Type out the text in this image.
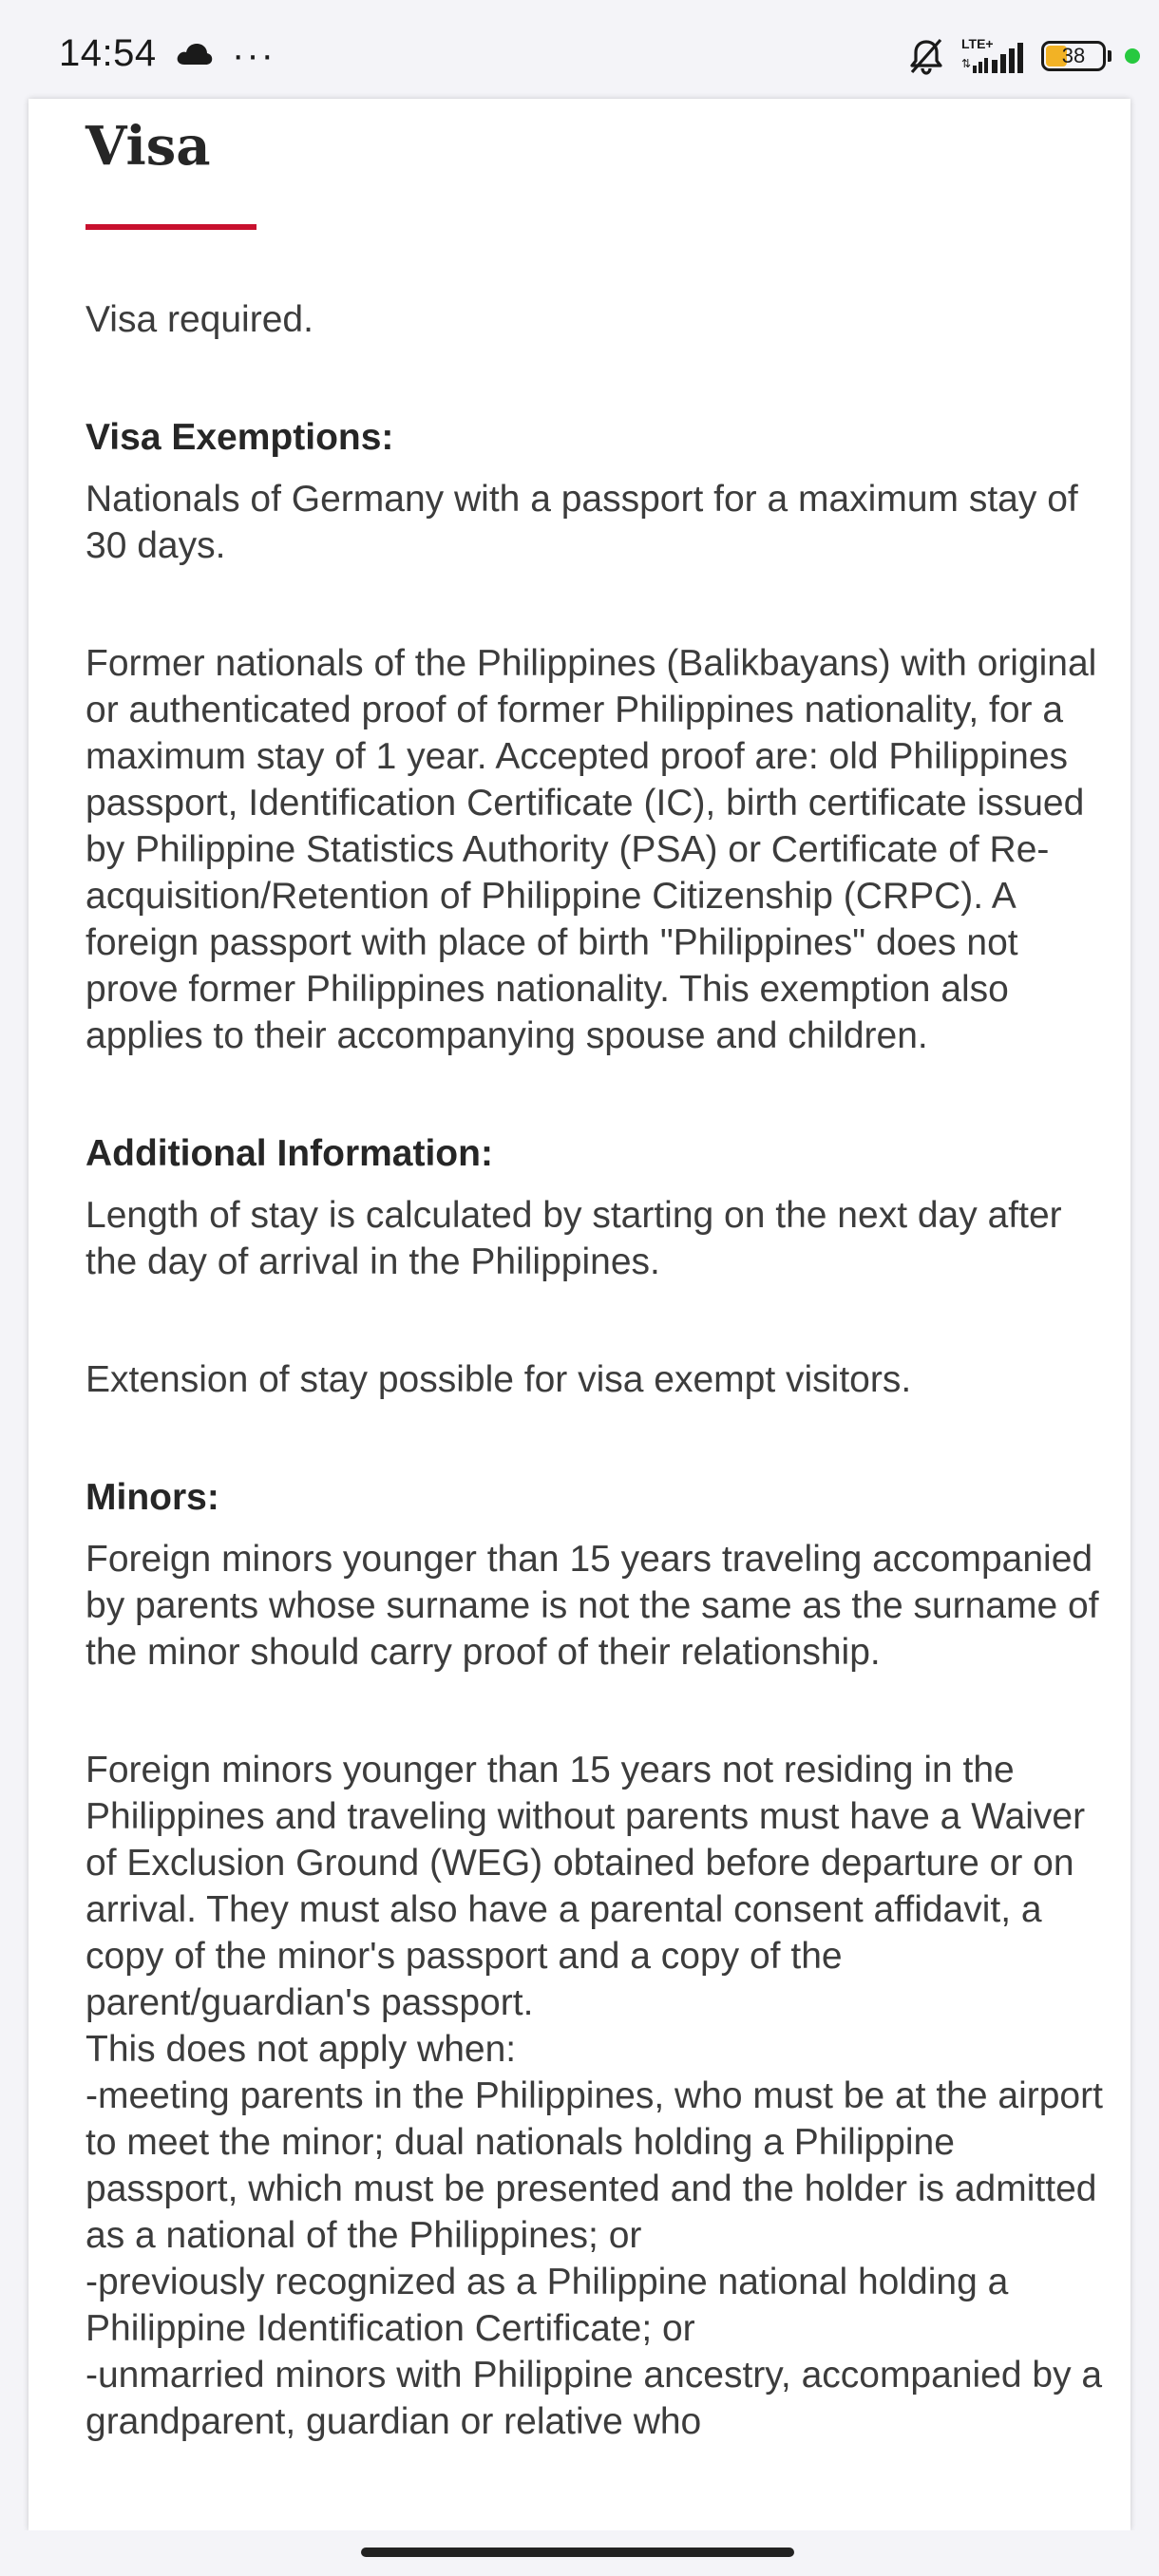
14:54 ···	LTE+
⇅	38
Visa
Visa required.
Visa Exemptions:

Nationals of Germany with a passport for a maximum stay of 30 days.

Former nationals of the Philippines (Balikbayans) with original or authenticated proof of former Philippines nationality, for a maximum stay of 1 year. Accepted proof are: old Philippines passport, Identification Certificate (IC), birth certificate issued by Philippine Statistics Authority (PSA) or Certificate of Re-acquisition/Retention of Philippine Citizenship (CRPC). A foreign passport with place of birth "Philippines" does not prove former Philippines nationality. This exemption also applies to their accompanying spouse and children.

Additional Information:

Length of stay is calculated by starting on the next day after the day of arrival in the Philippines.

Extension of stay possible for visa exempt visitors.

Minors:

Foreign minors younger than 15 years traveling accompanied by parents whose surname is not the same as the surname of the minor should carry proof of their relationship.

Foreign minors younger than 15 years not residing in the Philippines and traveling without parents must have a Waiver of Exclusion Ground (WEG) obtained before departure or on arrival. They must also have a parental consent affidavit, a copy of the minor's passport and a copy of the parent/guardian's passport.

This does not apply when:

-meeting parents in the Philippines, who must be at the airport to meet the minor; dual nationals holding a Philippine passport, which must be presented and the holder is admitted as a national of the Philippines; or

-previously recognized as a Philippine national holding a Philippine Identification Certificate; or

-unmarried minors with Philippine ancestry, accompanied by a grandparent, guardian or relative who
